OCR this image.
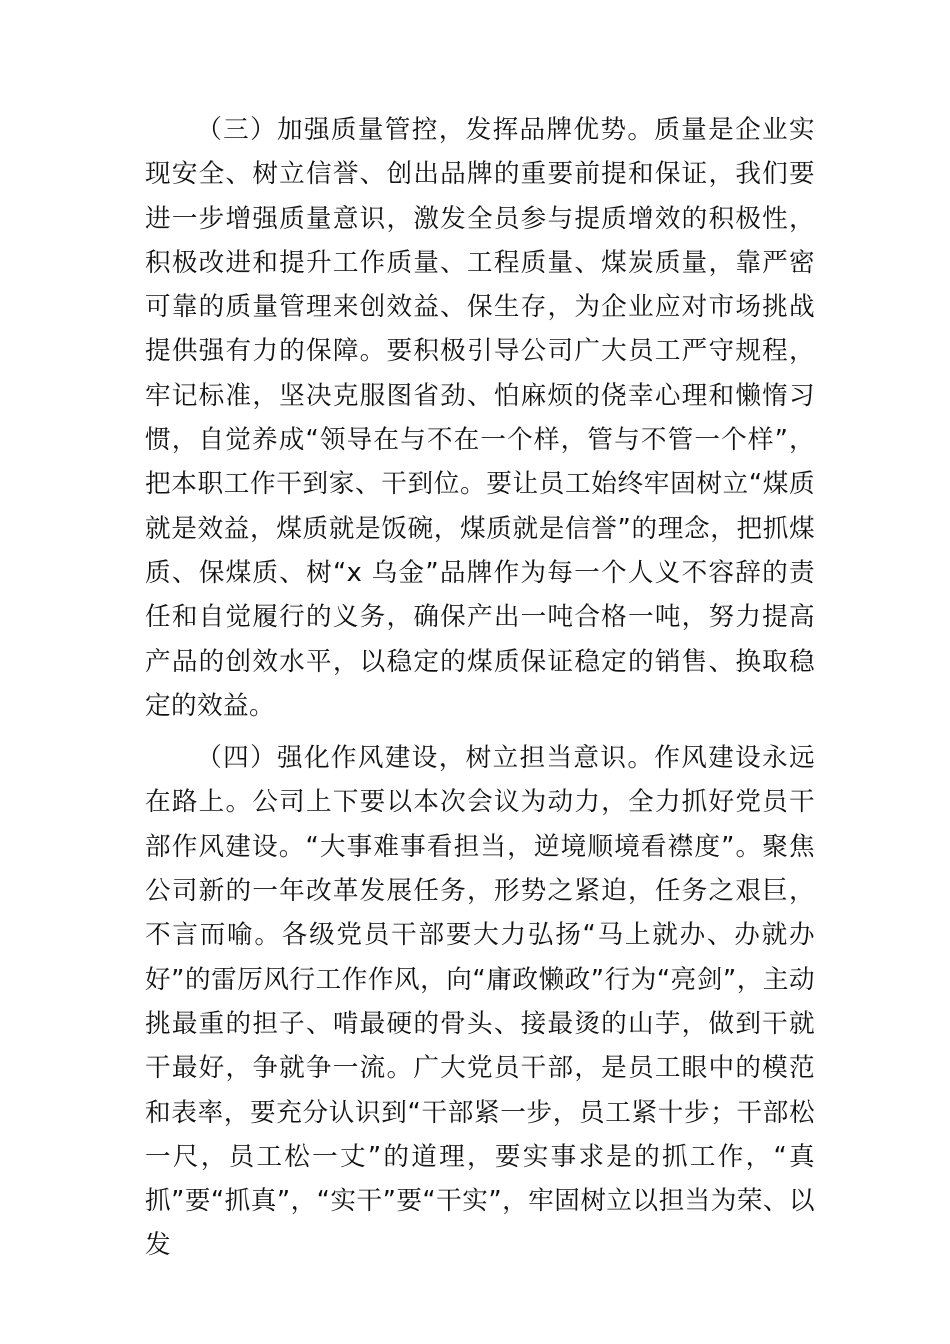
（三）加强质量管控，发挥品牌优势。质量是企业实现安全、树立信誉、创出品牌的重要前提和保证，我们要进一步增强质量意识，激发全员参与提质增效的积极性，积极改进和提升工作质量、工程质量、煤炭质量，靠严密可靠的质量管理来创效益、保生存，为企业应对市场挑战提供强有力的保障。要积极引导公司广大员工严守规程，牢记标准，坚决克服图省劲、怕麻烦的侥幸心理和懒惰习惯，自觉养成“领导在与不在一个样，管与不管一个样”，把本职工作干到家、干到位。要让员工始终牢固树立“煤质就是效益，煤质就是饭碗，煤质就是信誉”的理念，把抓煤质、保煤质、树“x 乌金”品牌作为每一个人义不容辞的责任和自觉履行的义务，确保产出一吨合格一吨，努力提高产品的创效水平，以稳定的煤质保证稳定的销售、换取稳定的效益。

（四）强化作风建设，树立担当意识。作风建设永远在路上。公司上下要以本次会议为动力，全力抓好党员干部作风建设。“大事难事看担当，逆境顺境看襟度”。聚焦公司新的一年改革发展任务，形势之紧迫，任务之艰巨，不言而喻。各级党员干部要大力弘扬“马上就办、办就办好”的雷厉风行工作作风，向“庸政懒政”行为“亮剑”，主动挑最重的担子、啃最硬的骨头、接最烫的山芋，做到干就干最好，争就争一流。广大党员干部，是员工眼中的模范和表率，要充分认识到“干部紧一步，员工紧十步；干部松一尺，员工松一丈”的道理，要实事求是的抓工作，“真抓”要“抓真”，“实干”要“干实”，牢固树立以担当为荣、以发
